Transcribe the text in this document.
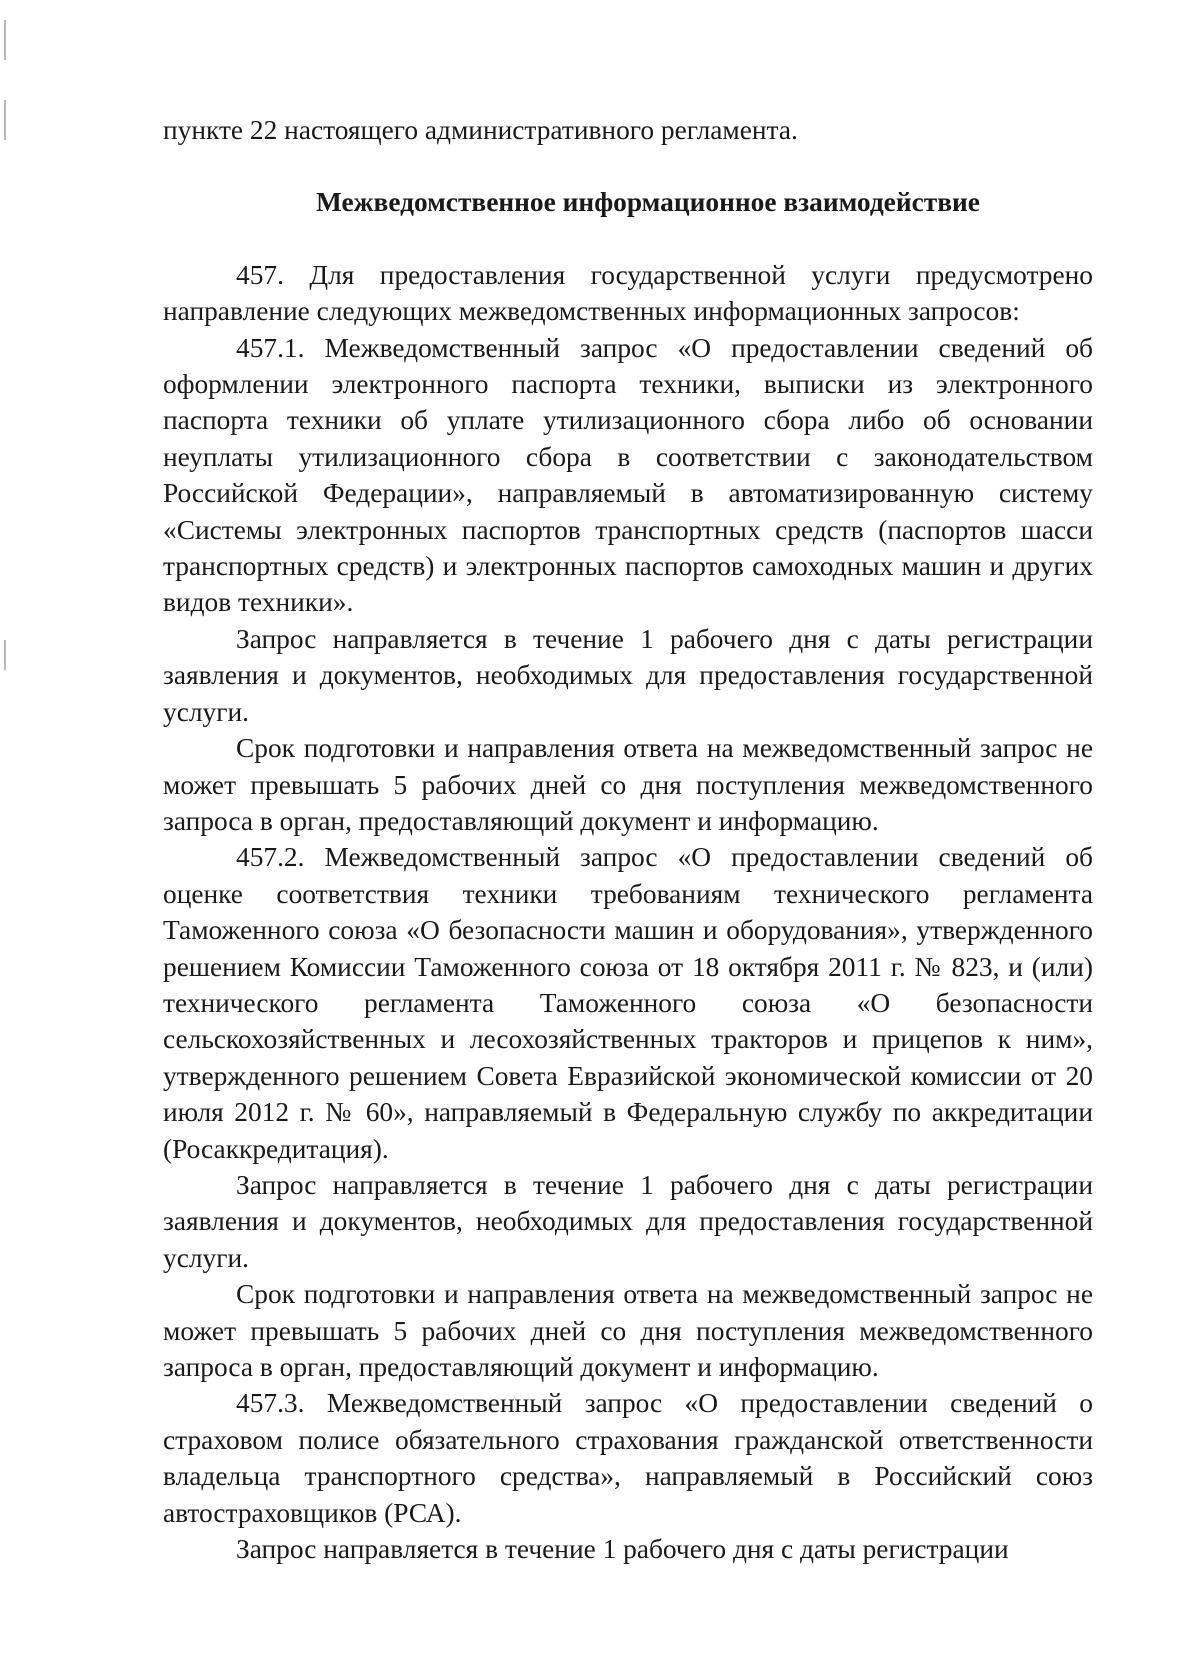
пункте 22 настоящего административного регламента.

Межведомственное информационное взаимодействие

457. Для предоставления государственной услуги предусмотрено направление следующих межведомственных информационных запросов:

457.1. Межведомственный запрос «О предоставлении сведений об оформлении электронного паспорта техники, выписки из электронного паспорта техники об уплате утилизационного сбора либо об основании неуплаты утилизационного сбора в соответствии с законодательством Российской Федерации», направляемый в автоматизированную систему «Системы электронных паспортов транспортных средств (паспортов шасси транспортных средств) и электронных паспортов самоходных машин и других видов техники».

Запрос направляется в течение 1 рабочего дня с даты регистрации заявления и документов, необходимых для предоставления государственной услуги.

Срок подготовки и направления ответа на межведомственный запрос не может превышать 5 рабочих дней со дня поступления межведомственного запроса в орган, предоставляющий документ и информацию.

457.2. Межведомственный запрос «О предоставлении сведений об оценке соответствия техники требованиям технического регламента Таможенного союза «О безопасности машин и оборудования», утвержденного решением Комиссии Таможенного союза от 18 октября 2011 г. № 823, и (или) технического регламента Таможенного союза «О безопасности сельскохозяйственных и лесохозяйственных тракторов и прицепов к ним», утвержденного решением Совета Евразийской экономической комиссии от 20 июля 2012 г. № 60», направляемый в Федеральную службу по аккредитации (Росаккредитация).

Запрос направляется в течение 1 рабочего дня с даты регистрации заявления и документов, необходимых для предоставления государственной услуги.

Срок подготовки и направления ответа на межведомственный запрос не может превышать 5 рабочих дней со дня поступления межведомственного запроса в орган, предоставляющий документ и информацию.

457.3. Межведомственный запрос «О предоставлении сведений о страховом полисе обязательного страхования гражданской ответственности владельца транспортного средства», направляемый в Российский союз автостраховщиков (РСА).

Запрос направляется в течение 1 рабочего дня с даты регистрации
